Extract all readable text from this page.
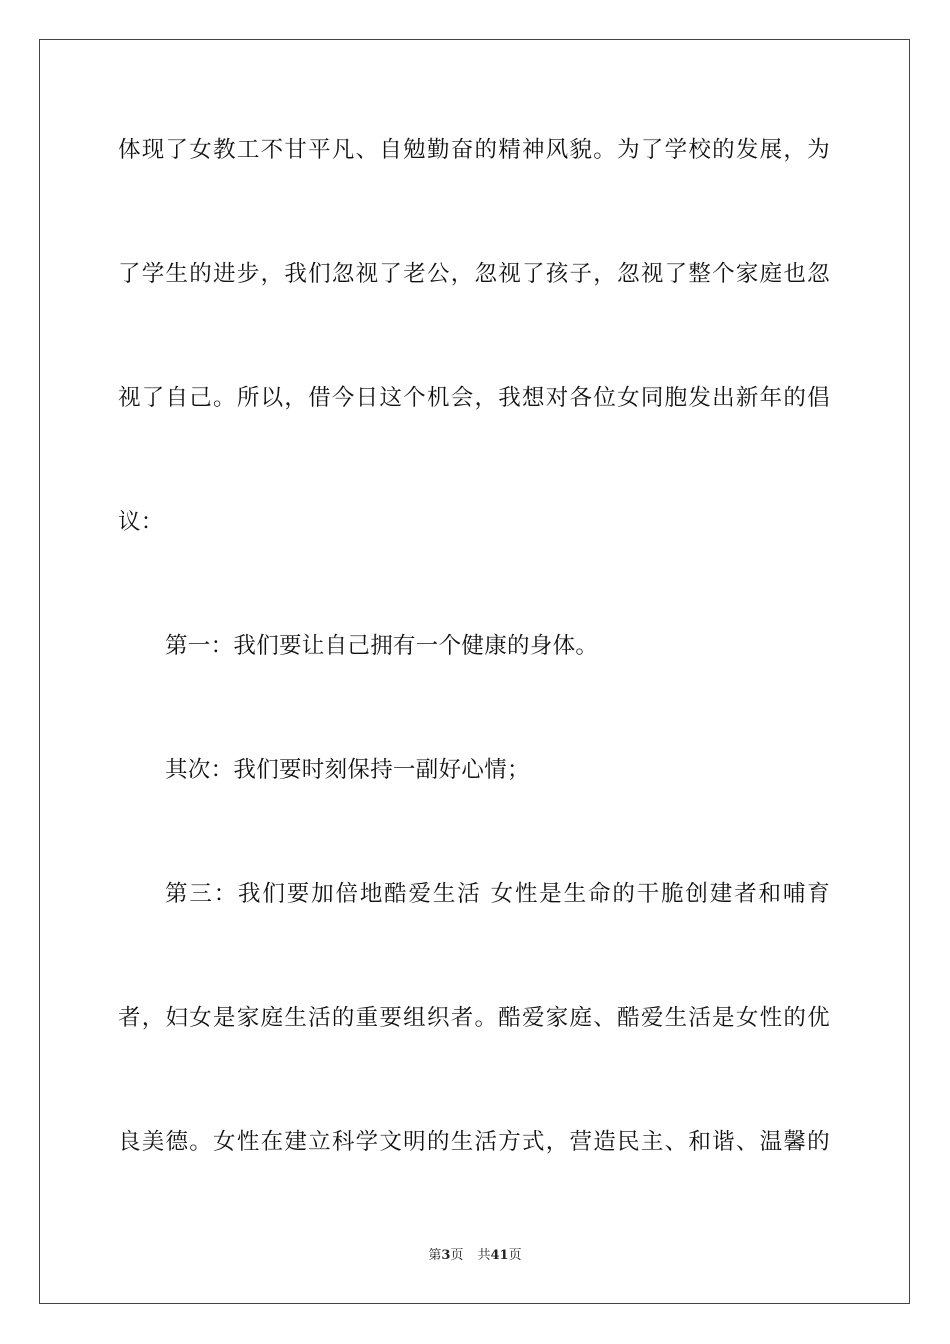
体现了女教工不甘平凡、自勉勤奋的精神风貌。为了学校的发展，为
了学生的进步，我们忽视了老公，忽视了孩子，忽视了整个家庭也忽
视了自己。所以，借今日这个机会，我想对各位女同胞发出新年的倡
议：
第一：我们要让自己拥有一个健康的身体。
其次：我们要时刻保持一副好心情；
第三：我们要加倍地酷爱生活 女性是生命的干脆创建者和哺育
者，妇女是家庭生活的重要组织者。酷爱家庭、酷爱生活是女性的优
良美德。女性在建立科学文明的生活方式，营造民主、和谐、温馨的
第3页 共41页
